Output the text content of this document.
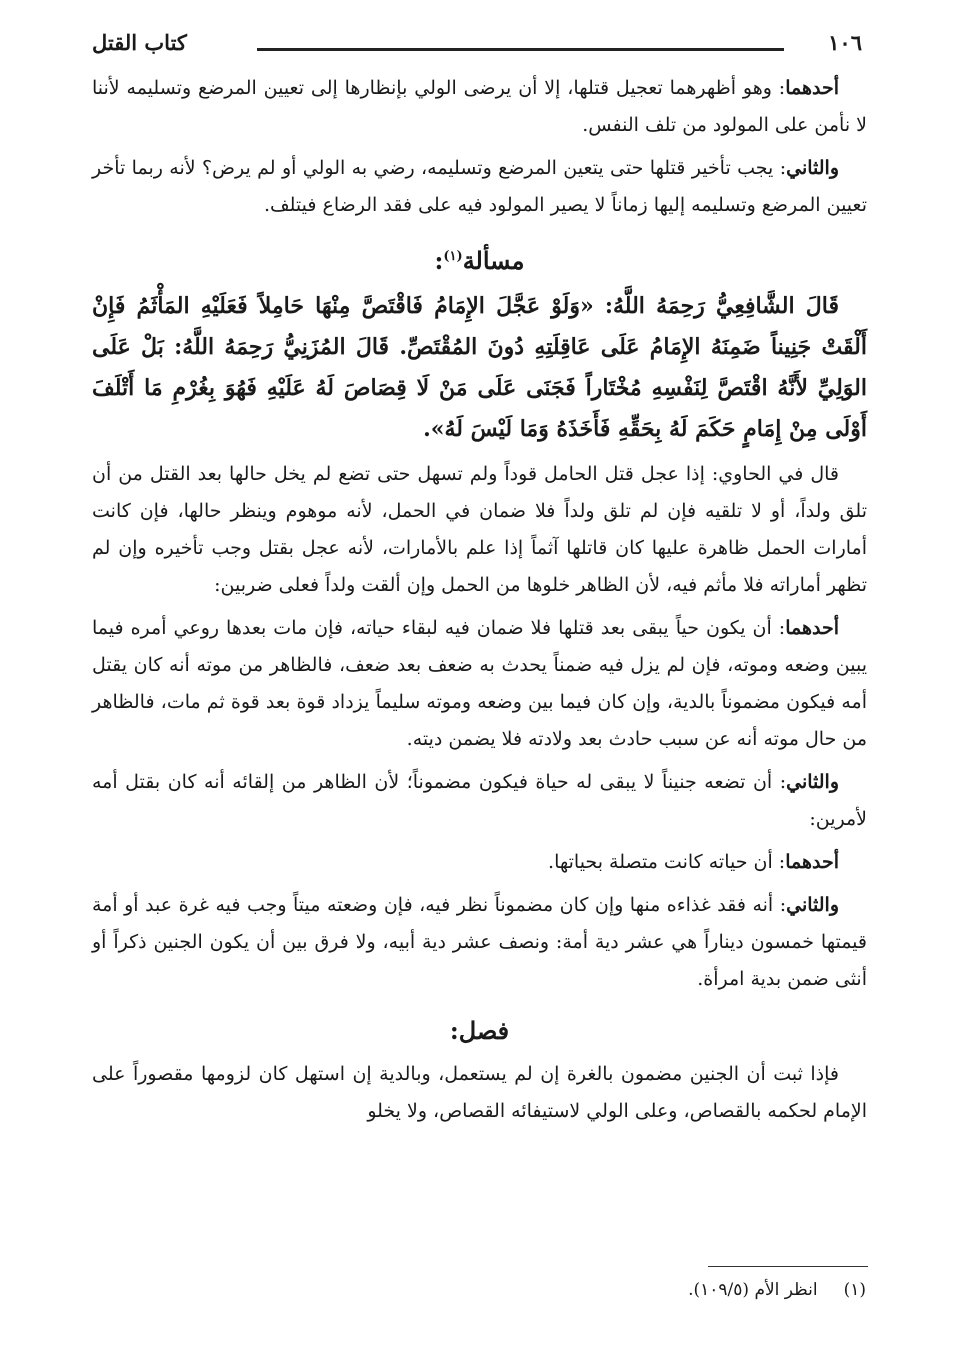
١٠٦
كتاب القتل

أحدهما: وهو أظهرهما تعجيل قتلها، إلا أن يرضى الولي بإنظارها إلى تعيين المرضع وتسليمه لأننا لا نأمن على المولود من تلف النفس.

والثاني: يجب تأخير قتلها حتى يتعين المرضع وتسليمه، رضي به الولي أو لم يرض؟ لأنه ربما تأخر تعيين المرضع وتسليمه إليها زماناً لا يصير المولود فيه على فقد الرضاع فيتلف.

مسألة$^{(١)}$:

قَالَ الشَّافِعِيُّ رَحِمَهُ اللَّهُ: «وَلَوْ عَجَّلَ الإِمَامُ فَاقْتَصَّ مِنْهَا حَامِلاً فَعَلَيْهِ المَأْثَمُ فَإِنْ أَلْقَتْ جَنِيناً ضَمِنَهُ الإِمَامُ عَلَى عَاقِلَتِهِ دُونَ المُقْتَصِّ. قَالَ المُزَنِيُّ رَحِمَهُ اللَّهُ: بَلْ عَلَى الوَلِيِّ لأَنَّهُ اقْتَصَّ لِنَفْسِهِ مُخْتَاراً فَجَنَى عَلَى مَنْ لَا قِصَاصَ لَهُ عَلَيْهِ فَهُوَ بِغُرْمِ مَا أَتْلَفَ أَوْلَى مِنْ إِمَامٍ حَكَمَ لَهُ بِحَقِّهِ فَأَخَذَهُ وَمَا لَيْسَ لَهُ».

قال في الحاوي: إذا عجل قتل الحامل قوداً ولم تسهل حتى تضع لم يخل حالها بعد القتل من أن تلق ولداً، أو لا تلقيه فإن لم تلق ولداً فلا ضمان في الحمل، لأنه موهوم وينظر حالها، فإن كانت أمارات الحمل ظاهرة عليها كان قاتلها آثماً إذا علم بالأمارات، لأنه عجل بقتل وجب تأخيره وإن لم تظهر أماراته فلا مأثم فيه، لأن الظاهر خلوها من الحمل وإن ألقت ولداً فعلى ضربين:

أحدهما: أن يكون حياً يبقى بعد قتلها فلا ضمان فيه لبقاء حياته، فإن مات بعدها روعي أمره فيما يبين وضعه وموته، فإن لم يزل فيه ضمناً يحدث به ضعف بعد ضعف، فالظاهر من موته أنه كان يقتل أمه فيكون مضموناً بالدية، وإن كان فيما بين وضعه وموته سليماً يزداد قوة بعد قوة ثم مات، فالظاهر من حال موته أنه عن سبب حادث بعد ولادته فلا يضمن ديته.

والثاني: أن تضعه جنيناً لا يبقى له حياة فيكون مضموناً؛ لأن الظاهر من إلقائه أنه كان بقتل أمه لأمرين:

أحدهما: أن حياته كانت متصلة بحياتها.

والثاني: أنه فقد غذاءه منها وإن كان مضموناً نظر فيه، فإن وضعته ميتاً وجب فيه غرة عبد أو أمة قيمتها خمسون ديناراً هي عشر دية أمة: ونصف عشر دية أبيه، ولا فرق بين أن يكون الجنين ذكراً أو أنثى ضمن بدية امرأة.

فصل:

فإذا ثبت أن الجنين مضمون بالغرة إن لم يستعمل، وبالدية إن استهل كان لزومها مقصوراً على الإمام لحكمه بالقصاص، وعلى الولي لاستيفائه القصاص، ولا يخلو

(١)انظر الأم (١٠٩/٥).
